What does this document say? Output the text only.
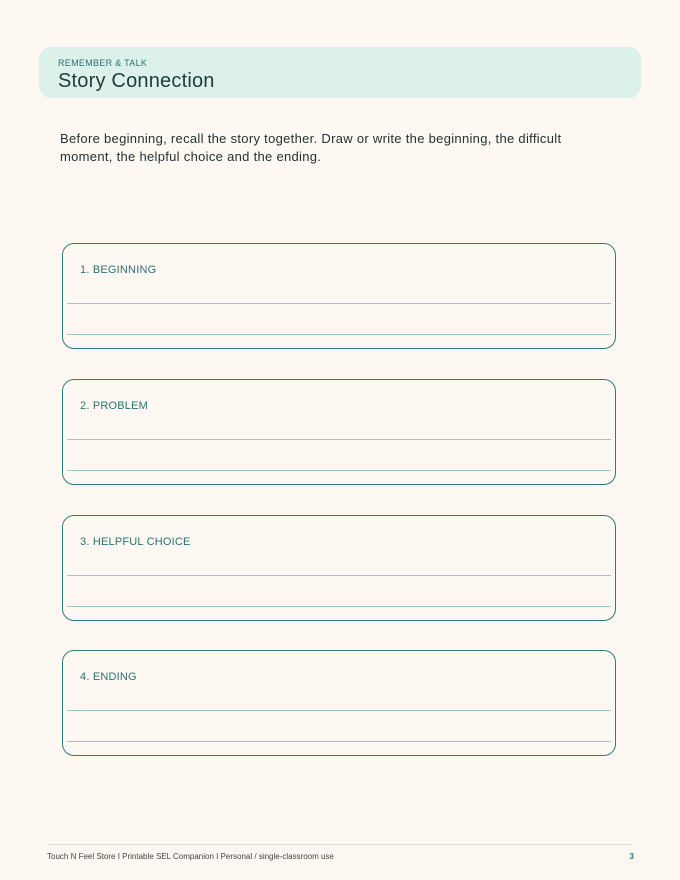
REMEMBER & TALK
Story Connection
Before beginning, recall the story together. Draw or write the beginning, the difficult moment, the helpful choice and the ending.
1. BEGINNING
2. PROBLEM
3. HELPFUL CHOICE
4. ENDING
Touch N Feel Store I Printable SEL Companion I Personal / single-classroom use	3
